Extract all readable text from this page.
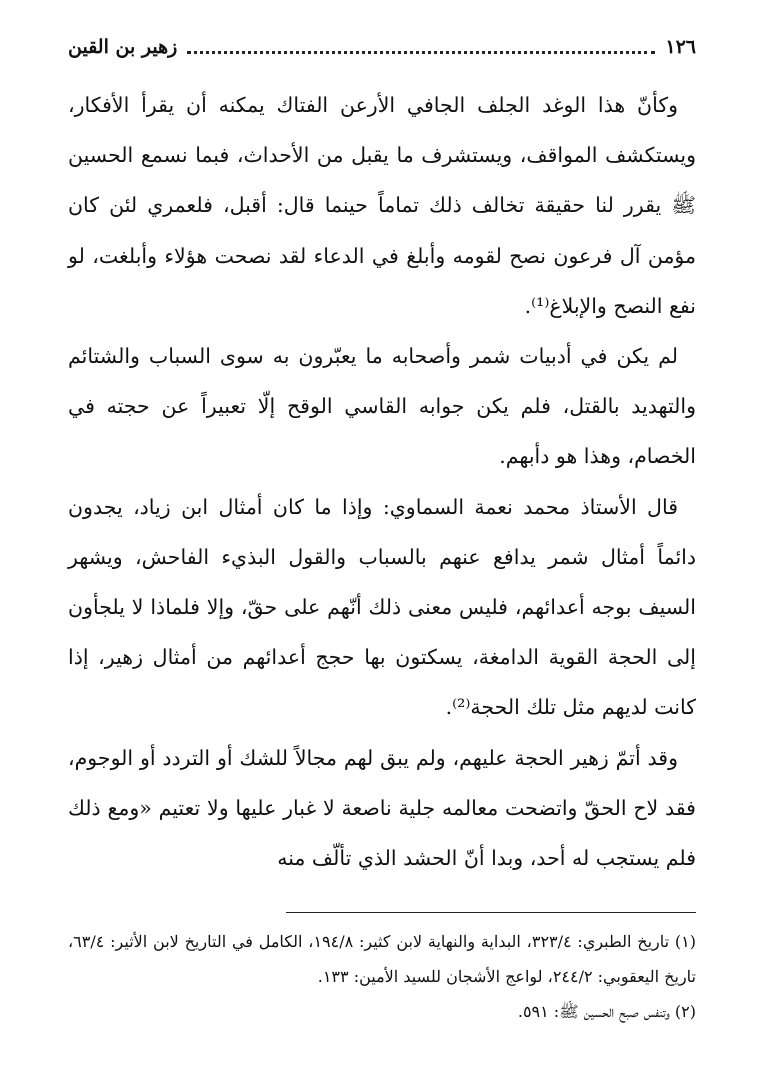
١٢٦
زهير بن القين

وكأنّ هذا الوغد الجلف الجافي الأرعن الفتاك يمكنه أن يقرأ الأفكار، ويستكشف المواقف، ويستشرف ما يقبل من الأحداث، فبما نسمع الحسين ﷺ يقرر لنا حقيقة تخالف ذلك تماماً حينما قال: أقبل، فلعمري لئن كان مؤمن آل فرعون نصح لقومه وأبلغ في الدعاء لقد نصحت هؤلاء وأبلغت، لو نفع النصح والإبلاغ⁽¹⁾.

لم يكن في أدبيات شمر وأصحابه ما يعبّرون به سوى السباب والشتائم والتهديد بالقتل، فلم يكن جوابه القاسي الوقح إلّا تعبيراً عن حجته في الخصام، وهذا هو دأبهم.

قال الأستاذ محمد نعمة السماوي: وإذا ما كان أمثال ابن زياد، يجدون دائماً أمثال شمر يدافع عنهم بالسباب والقول البذيء الفاحش، ويشهر السيف بوجه أعدائهم، فليس معنى ذلك أنّهم على حقّ، وإلا فلماذا لا يلجأون إلى الحجة القوية الدامغة، يسكتون بها حجج أعدائهم من أمثال زهير، إذا كانت لديهم مثل تلك الحجة⁽²⁾.

وقد أتمّ زهير الحجة عليهم، ولم يبق لهم مجالاً للشك أو التردد أو الوجوم، فقد لاح الحقّ واتضحت معالمه جلية ناصعة لا غبار عليها ولا تعتيم «ومع ذلك فلم يستجب له أحد، وبدا أنّ الحشد الذي تألّف منه

(١) تاريخ الطبري: ٣٢٣/٤، البداية والنهاية لابن كثير: ١٩٤/٨، الكامل في التاريخ لابن الأثير: ٦٣/٤، تاريخ اليعقوبي: ٢٤٤/٢، لواعج الأشجان للسيد الأمين: ١٣٣.

(٢) وتنفس صبح الحسين ﷺ: ٥٩١.
